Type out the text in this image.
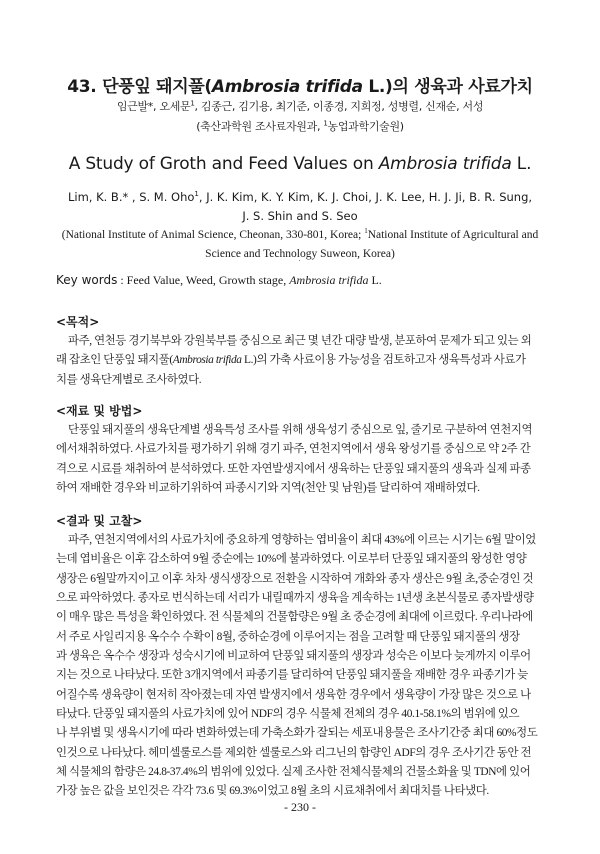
43. 단풍잎 돼지풀(Ambrosia trifida L.)의 생육과 사료가치
임근발*, 오세문$^1$, 김종근, 김기용, 최기준, 이종경, 지희정, 성병렬, 신재순, 서성
(축산과학원 조사료자원과, $^1$농업과학기술원)
A Study of Groth and Feed Values on Ambrosia trifida L.
Lim, K. B.* , S. M. Oho$^1$, J. K. Kim, K. Y. Kim, K. J. Choi, J. K. Lee, H. J. Ji, B. R. Sung,
J. S. Shin and S. Seo
(National Institute of Animal Science, Cheonan, 330-801, Korea; $^1$National Institute of Agricultural and
Science and Technology Suweon, Korea)
Key words : Feed Value, Weed, Growth stage, Ambrosia trifida L.
<목적>
파주, 연천등 경기북부와 강원북부를 중심으로 최근 몇 년간 대량 발생, 분포하여 문제가 되고 있는 외
래 잡초인 단풍잎 돼지풀(Ambrosia trifida L.)의 가축 사료이용 가능성을 검토하고자 생육특성과 사료가
치를 생육단계별로 조사하였다.
<재료 및 방법>
단풍잎 돼지풀의 생육단계별 생육특성 조사를 위해 생육성기 중심으로 잎, 줄기로 구분하여 연천지역
에서채취하였다. 사료가치를 평가하기 위해 경기 파주, 연천지역에서 생육 왕성기를 중심으로 약 2주 간
격으로 시료를 채취하여 분석하였다. 또한 자연발생지에서 생육하는 단풍잎 돼지풀의 생육과 실제 파종
하여 재배한 경우와 비교하기위하여 파종시기와 지역(천안 및 남원)를 달리하여 재배하였다.
<결과 및 고찰>
파주, 연천지역에서의 사료가치에 중요하게 영향하는 엽비율이 최대 43%에 이르는 시기는 6월 말이었
는데 엽비율은 이후 감소하여 9월 중순에는 10%에 불과하였다. 이로부터 단풍잎 돼지풀의 왕성한 영양
생장은 6월말까지이고 이후 차차 생식생장으로 전환을 시작하여 개화와 종자 생산은 9월 초,중순경인 것
으로 파악하였다. 종자로 번식하는데 서리가 내릴때까지 생육을 계속하는 1년생 초본식물로 종자발생량
이 매우 많은 특성을 확인하였다. 전 식물체의 건물함량은 9월 초 중순경에 최대에 이르렀다. 우리나라에
서 주로 사일리지용 옥수수 수확이 8월, 중하순경에 이루어지는 점을 고려할 때 단풍잎 돼지풀의 생장
과 생육은 옥수수 생장과 성숙시기에 비교하여 단풍잎 돼지풀의 생장과 성숙은 이보다 늦게까지 이루어
지는 것으로 나타났다. 또한 3개지역에서 파종기를 달리하여 단풍잎 돼지풀을 재배한 경우 파종기가 늦
어질수록 생육량이 현저히 작아졌는데 자연 발생지에서 생육한 경우에서 생육량이 가장 많은 것으로 나
타났다. 단풍잎 돼지풀의 사료가치에 있어 NDF의 경우 식물체 전체의 경우 40.1-58.1%의 범위에 있으
나 부위별 및 생육시기에 따라 변화하였는데 가축소화가 잘되는 세포내용물은 조사기간중 최대 60%정도
인것으로 나타났다. 헤미셀룰로스를 제외한 셀룰로스와 리그닌의 함량인 ADF의 경우 조사기간 동안 전
체 식물체의 함량은 24.8-37.4%의 범위에 있었다. 실제 조사한 전체식물체의 건물소화율 및 TDN에 있어
가장 높은 값을 보인것은 각각 73.6 및 69.3%이었고 8월 초의 시료채취에서 최대치를 나타냈다.
- 230 -
